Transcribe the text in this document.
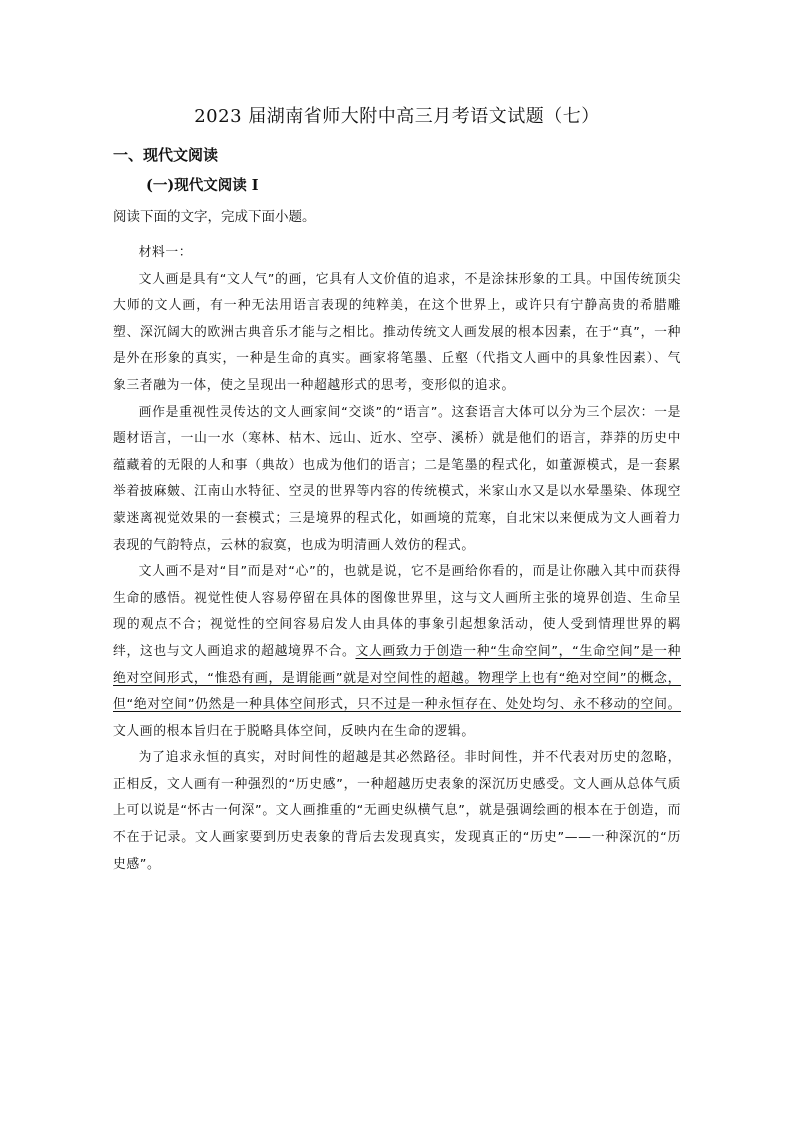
2023 届湖南省师大附中高三月考语文试题（七）
一、现代文阅读
(一)现代文阅读 I
阅读下面的文字，完成下面小题。

材料一：

文人画是具有“文人气”的画，它具有人文价值的追求，不是涂抹形象的工具。中国传统顶尖大师的文人画，有一种无法用语言表现的纯粹美，在这个世界上，或许只有宁静高贵的希腊雕塑、深沉阔大的欧洲古典音乐才能与之相比。推动传统文人画发展的根本因素，在于“真”，一种是外在形象的真实，一种是生命的真实。画家将笔墨、丘壑（代指文人画中的具象性因素）、气象三者融为一体，使之呈现出一种超越形式的思考，变形似的追求。

画作是重视性灵传达的文人画家间“交谈”的“语言”。这套语言大体可以分为三个层次：一是题材语言，一山一水（寒林、枯木、远山、近水、空亭、溪桥）就是他们的语言，莽莽的历史中蕴藏着的无限的人和事（典故）也成为他们的语言；二是笔墨的程式化，如董源模式，是一套累举着披麻皴、江南山水特征、空灵的世界等内容的传统模式，米家山水又是以水晕墨染、体现空蒙迷离视觉效果的一套模式；三是境界的程式化，如画境的荒寒，自北宋以来便成为文人画着力表现的气韵特点，云林的寂寞，也成为明清画人效仿的程式。

文人画不是对“目”而是对“心”的，也就是说，它不是画给你看的，而是让你融入其中而获得生命的感悟。视觉性使人容易停留在具体的图像世界里，这与文人画所主张的境界创造、生命呈现的观点不合；视觉性的空间容易启发人由具体的事象引起想象活动，使人受到情理世界的羁绊，这也与文人画追求的超越境界不合。文人画致力于创造一种“生命空间”，“生命空间”是一种绝对空间形式，“惟恐有画，是谓能画”就是对空间性的超越。物理学上也有“绝对空间”的概念，但“绝对空间”仍然是一种具体空间形式，只不过是一种永恒存在、处处均匀、永不移动的空间。文人画的根本旨归在于脱略具体空间，反映内在生命的逻辑。

为了追求永恒的真实，对时间性的超越是其必然路径。非时间性，并不代表对历史的忽略，正相反，文人画有一种强烈的“历史感”，一种超越历史表象的深沉历史感受。文人画从总体气质上可以说是“怀古一何深”。文人画推重的“无画史纵横气息”，就是强调绘画的根本在于创造，而不在于记录。文人画家要到历史表象的背后去发现真实，发现真正的“历史”——一种深沉的“历史感”。
